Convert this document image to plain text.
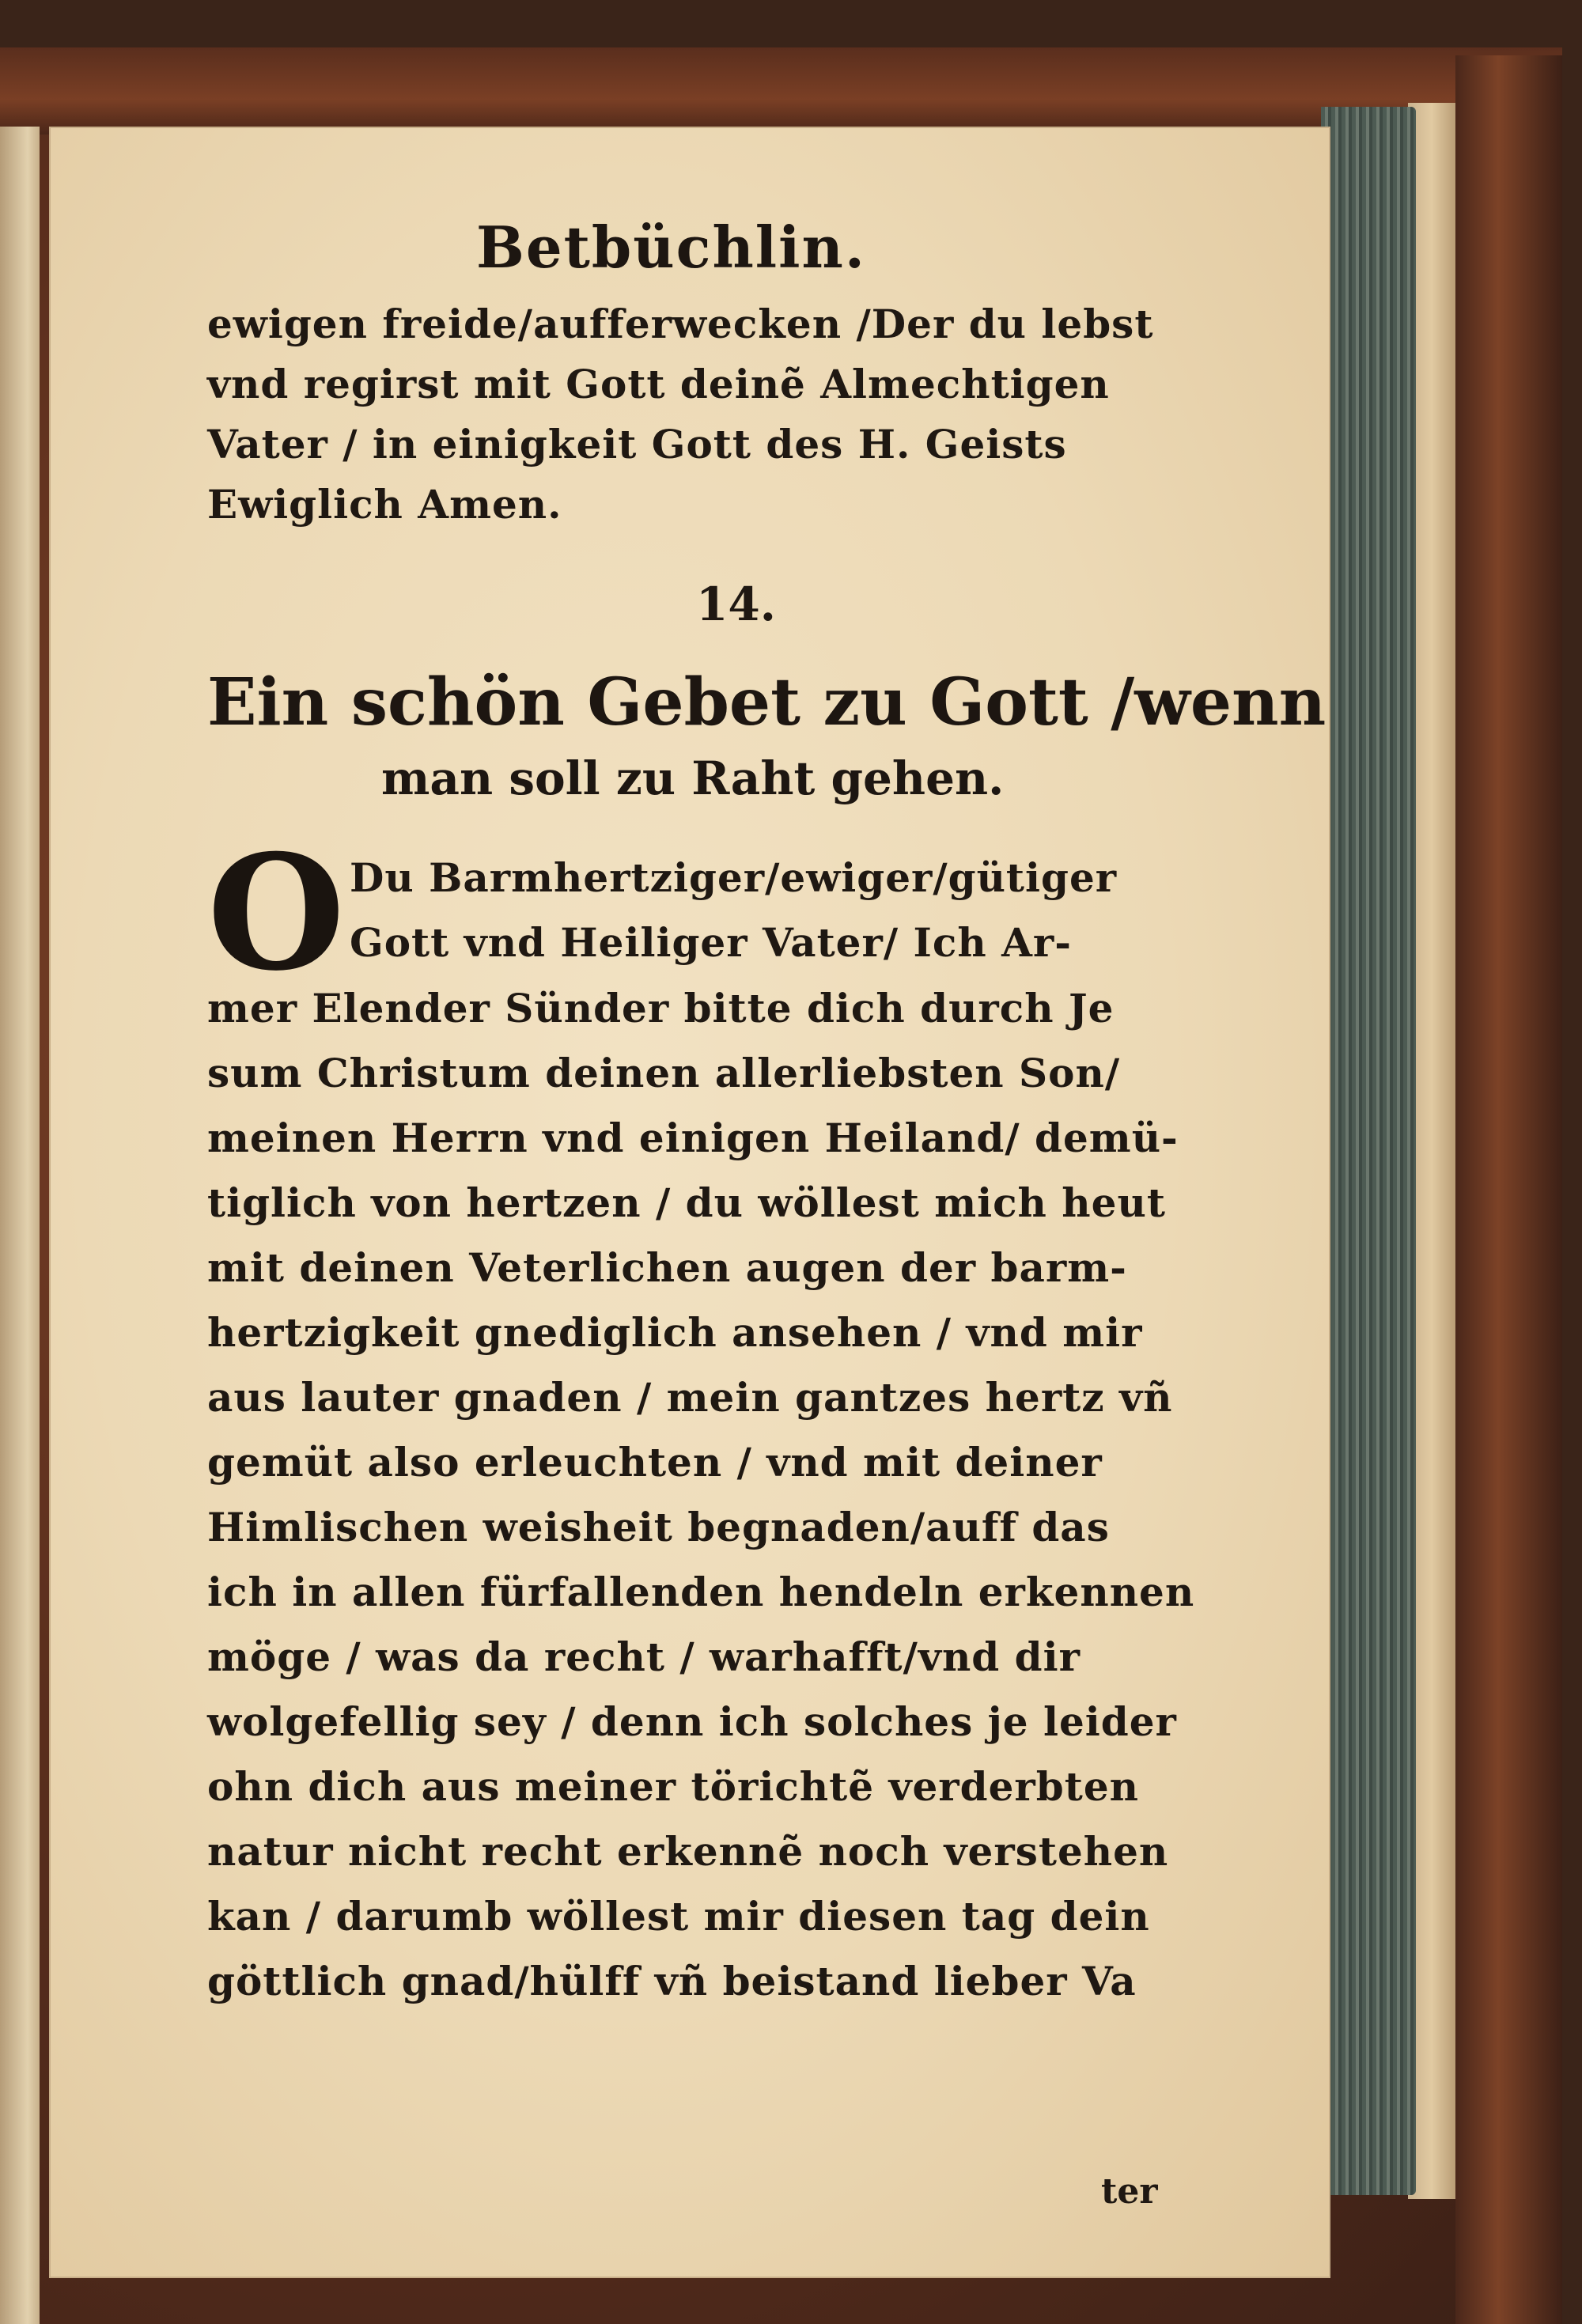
Betbüchlin.
ewigen freide/aufferwecken /Der du lebst
vnd regirst mit Gott deinẽ Almechtigen
Vater / in einigkeit Gott des H. Geists
Ewiglich Amen.
14.
Ein schön Gebet zu Gott /wenn
man soll zu Raht gehen.
O Du Barmhertziger/ewiger/gütiger
Gott vnd Heiliger Vater/ Ich Ar-
mer Elender Sünder bitte dich durch Je
sum Christum deinen allerliebsten Son/
meinen Herrn vnd einigen Heiland/ demü-
tiglich von hertzen / du wöllest mich heut
mit deinen Veterlichen augen der barm-
hertzigkeit gnediglich ansehen / vnd mir
aus lauter gnaden / mein gantzes hertz vñ
gemüt also erleuchten / vnd mit deiner
Himlischen weisheit begnaden/auff das
ich in allen fürfallenden hendeln erkennen
möge / was da recht / warhafft/vnd dir
wolgefellig sey / denn ich solches je leider
ohn dich aus meiner törichtẽ verderbten
natur nicht recht erkennẽ noch verstehen
kan / darumb wöllest mir diesen tag dein
göttlich gnad/hülff vñ beistand lieber Va
ter
